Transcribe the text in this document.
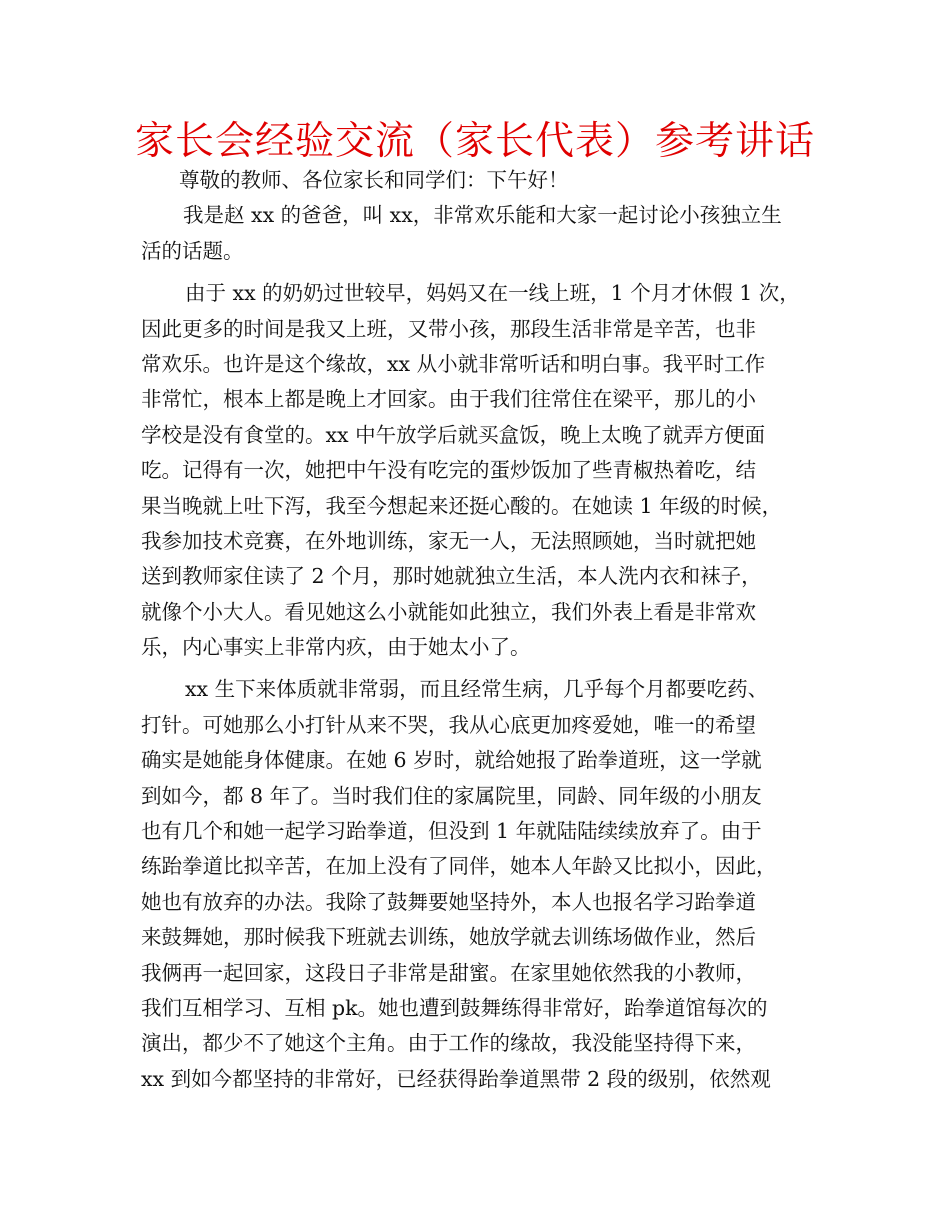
家长会经验交流（家长代表）参考讲话
尊敬的教师、各位家长和同学们：下午好！
我是赵 xx 的爸爸，叫 xx，非常欢乐能和大家一起讨论小孩独立生
活的话题。
由于 xx 的奶奶过世较早，妈妈又在一线上班，1 个月才休假 1 次，
因此更多的时间是我又上班，又带小孩，那段生活非常是辛苦，也非
常欢乐。也许是这个缘故，xx 从小就非常听话和明白事。我平时工作
非常忙，根本上都是晚上才回家。由于我们往常住在梁平，那儿的小
学校是没有食堂的。xx 中午放学后就买盒饭，晚上太晚了就弄方便面
吃。记得有一次，她把中午没有吃完的蛋炒饭加了些青椒热着吃，结
果当晚就上吐下泻，我至今想起来还挺心酸的。在她读 1 年级的时候，
我参加技术竞赛，在外地训练，家无一人，无法照顾她，当时就把她
送到教师家住读了 2 个月，那时她就独立生活，本人洗内衣和袜子，
就像个小大人。看见她这么小就能如此独立，我们外表上看是非常欢
乐，内心事实上非常内疚，由于她太小了。
xx 生下来体质就非常弱，而且经常生病，几乎每个月都要吃药、
打针。可她那么小打针从来不哭，我从心底更加疼爱她，唯一的希望
确实是她能身体健康。在她 6 岁时，就给她报了跆拳道班，这一学就
到如今，都 8 年了。当时我们住的家属院里，同龄、同年级的小朋友
也有几个和她一起学习跆拳道，但没到 1 年就陆陆续续放弃了。由于
练跆拳道比拟辛苦，在加上没有了同伴，她本人年龄又比拟小，因此，
她也有放弃的办法。我除了鼓舞要她坚持外，本人也报名学习跆拳道
来鼓舞她，那时候我下班就去训练，她放学就去训练场做作业，然后
我俩再一起回家，这段日子非常是甜蜜。在家里她依然我的小教师，
我们互相学习、互相 pk。她也遭到鼓舞练得非常好，跆拳道馆每次的
演出，都少不了她这个主角。由于工作的缘故，我没能坚持得下来，
xx 到如今都坚持的非常好，已经获得跆拳道黑带 2 段的级别，依然观
